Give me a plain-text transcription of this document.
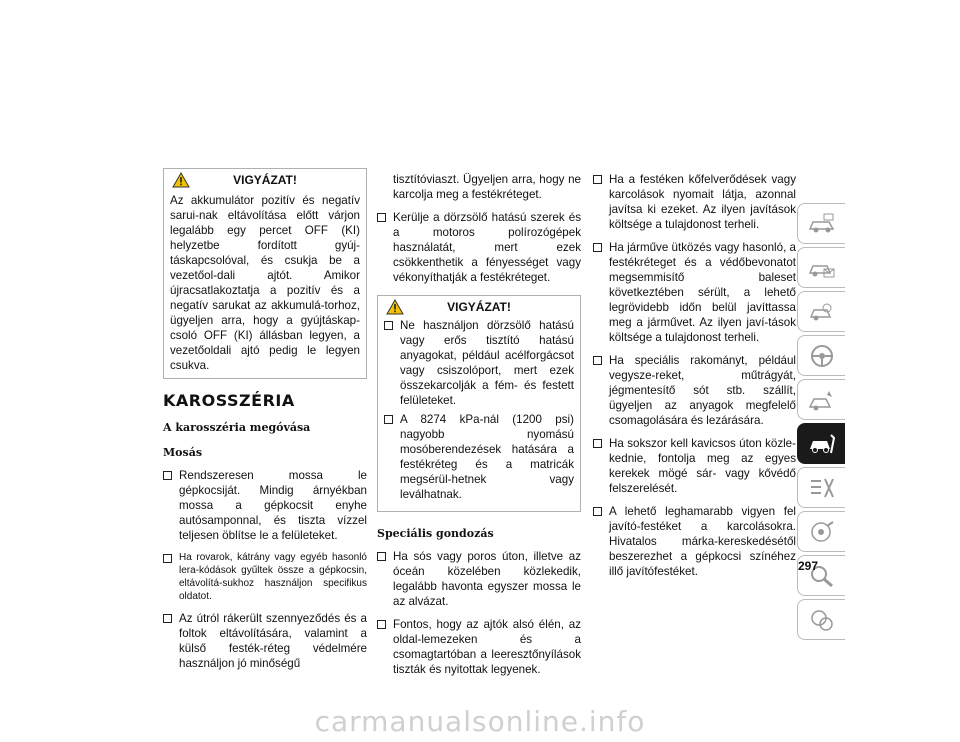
VIGYÁZAT!
Az akkumulátor pozitív és negatív sarui-nak eltávolítása előtt várjon legalább egy percet OFF (KI) helyzetbe fordított gyúj-táskapcsolóval, és csukja be a vezetőol-dali ajtót. Amikor újracsatlakoztatja a pozitív és a negatív sarukat az akkumulá-torhoz, ügyeljen arra, hogy a gyújtáskap-csoló OFF (KI) állásban legyen, a vezetőoldali ajtó pedig le legyen csukva.
KAROSSZÉRIA
A karosszéria megóvása
Mosás
Rendszeresen mossa le gépkocsiját. Mindig árnyékban mossa a gépkocsit enyhe autósamponnal, és tiszta vízzel teljesen öblítse le a felületeket.
Ha rovarok, kátrány vagy egyéb hasonló lera-kódások gyűltek össze a gépkocsin, eltávolítá-sukhoz használjon specifikus oldatot.
Az útról rákerült szennyeződés és a foltok eltávolítására, valamint a külső festék-réteg védelmére használjon jó minőségű
tisztítóviaszt. Ügyeljen arra, hogy ne karcolja meg a festékréteget.
Kerülje a dörzsölő hatású szerek és a motoros polírozógépek használatát, mert ezek csökkenthetik a fényességet vagy vékonyíthatják a festékréteget.
VIGYÁZAT!
Ne használjon dörzsölő hatású vagy erős tisztító hatású anyagokat, például acélforgácsot vagy csiszolóport, mert ezek összekarcolják a fém- és festett felületeket.
A 8274 kPa-nál (1200 psi) nagyobb nyomású mosóberendezések hatására a festékréteg és a matricák megsérül-hetnek vagy leválhatnak.
Speciális gondozás
Ha sós vagy poros úton, illetve az óceán közelében közlekedik, legalább havonta egyszer mossa le az alvázat.
Fontos, hogy az ajtók alsó élén, az oldal-lemezeken és a csomagtartóban a leeresztőnyílások tiszták és nyitottak legyenek.
Ha a festéken kőfelverődések vagy karcolások nyomait látja, azonnal javítsa ki ezeket. Az ilyen javítások költsége a tulajdonost terheli.
Ha járműve ütközés vagy hasonló, a festékréteget és a védőbevonatot megsemmisítő baleset következtében sérült, a lehető legrövidebb időn belül javíttassa meg a járművet. Az ilyen javí-tások költsége a tulajdonost terheli.
Ha speciális rakományt, például vegysze-reket, műtrágyát, jégmentesítő sót stb. szállít, ügyeljen az anyagok megfelelő csomagolására és lezárására.
Ha sokszor kell kavicsos úton közle-kednie, fontolja meg az egyes kerekek mögé sár- vagy kővédő felszerelését.
A lehető leghamarabb vigyen fel javító-festéket a karcolásokra. Hivatalos márka-kereskedésétől beszerezhet a gépkocsi színéhez illő javítófestéket.	297
carmanualsonline.info
